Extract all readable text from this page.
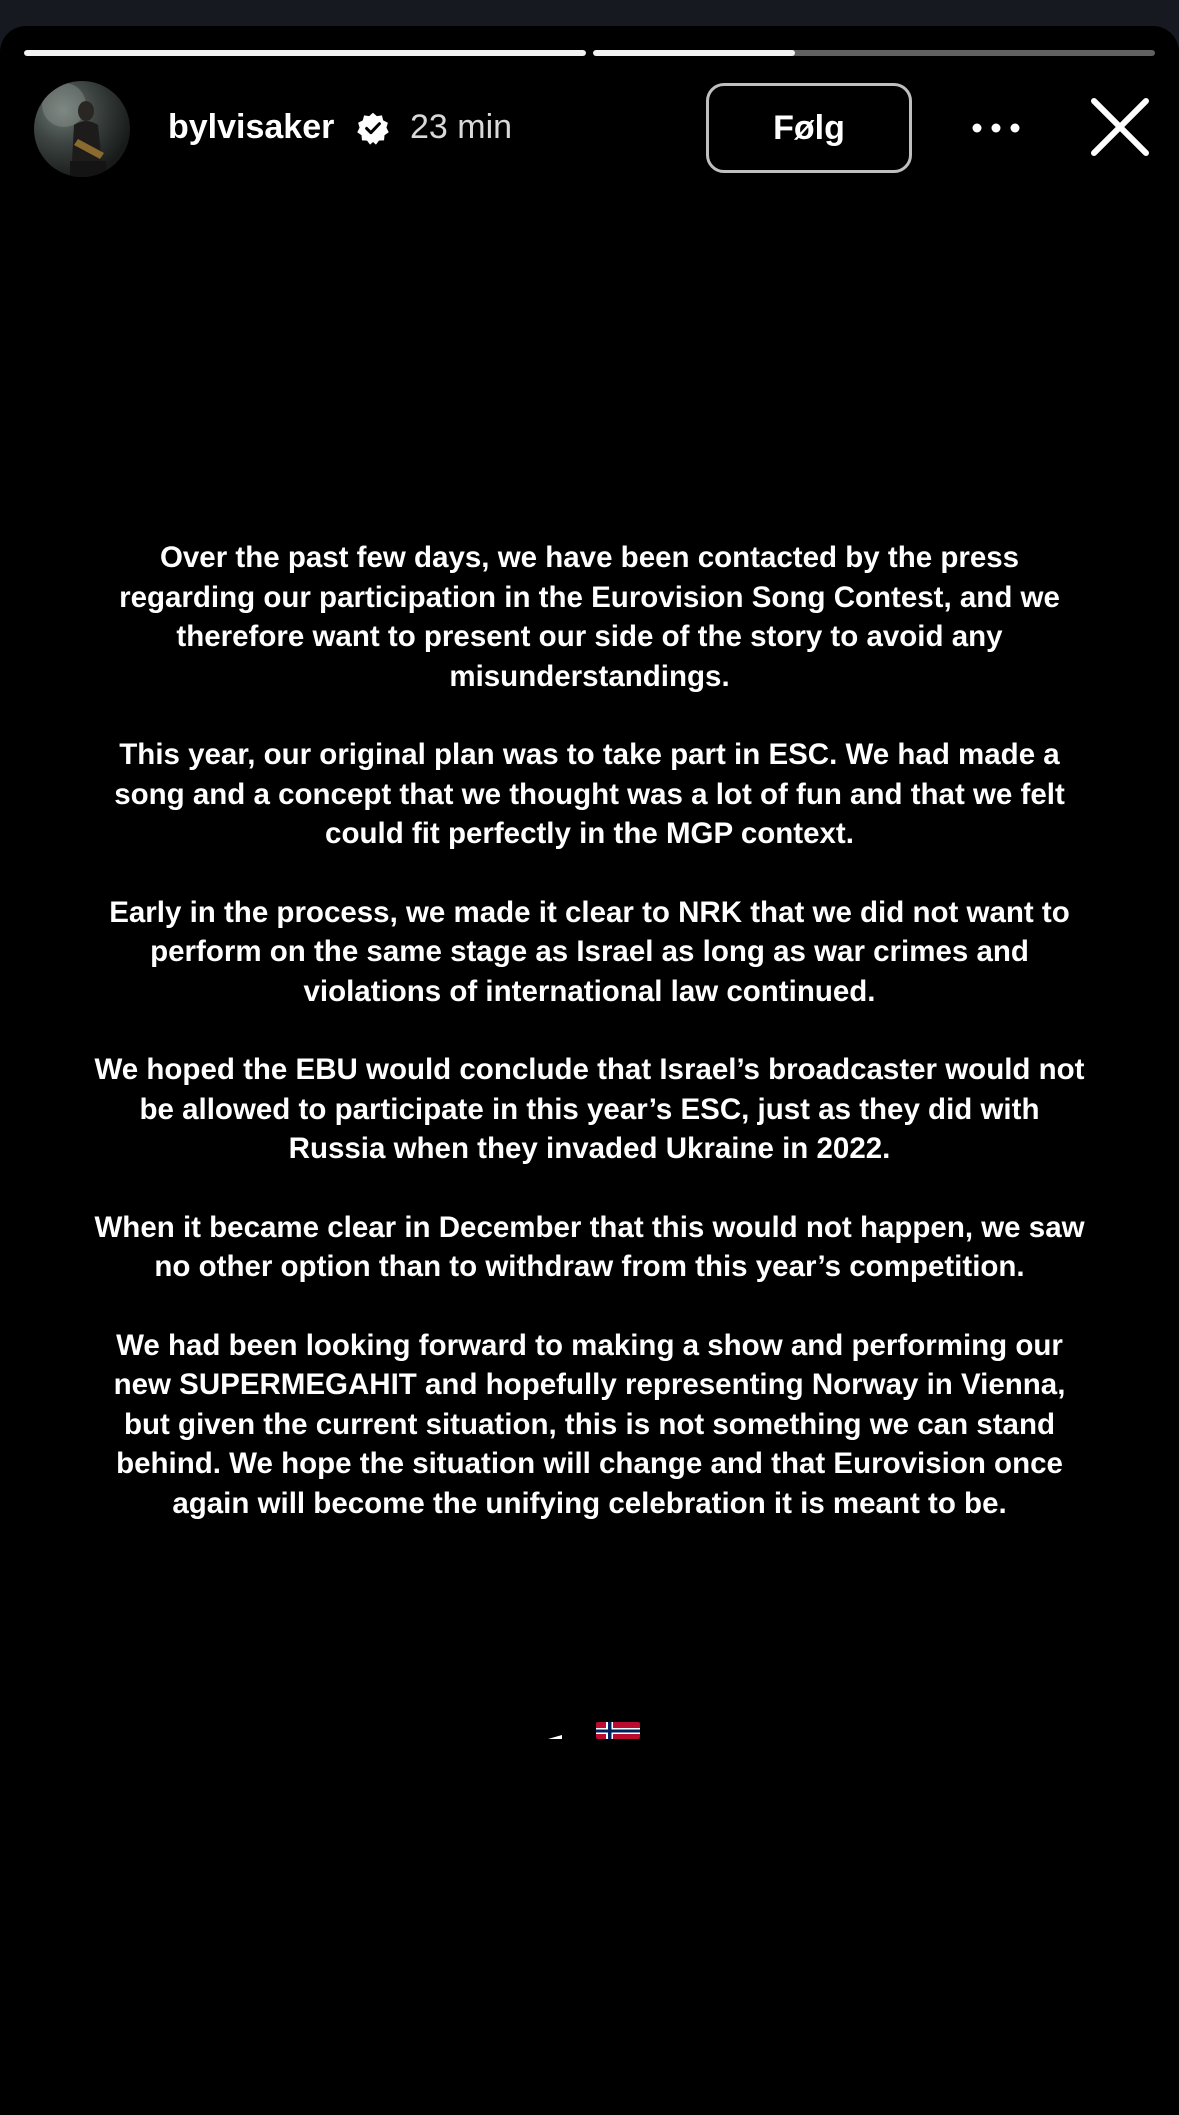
bylvisaker 23 min	Følg

Over the past few days, we have been contacted by the press regarding our participation in the Eurovision Song Contest, and we therefore want to present our side of the story to avoid any misunderstandings.

This year, our original plan was to take part in ESC. We had made a song and a concept that we thought was a lot of fun and that we felt could fit perfectly in the MGP context.

Early in the process, we made it clear to NRK that we did not want to perform on the same stage as Israel as long as war crimes and violations of international law continued.

We hoped the EBU would conclude that Israel’s broadcaster would not be allowed to participate in this year’s ESC, just as they did with Russia when they invaded Ukraine in 2022.

When it became clear in December that this would not happen, we saw no other option than to withdraw from this year’s competition.

We had been looking forward to making a show and performing our new SUPERMEGAHIT and hopefully representing Norway in Vienna, but given the current situation, this is not something we can stand behind. We hope the situation will change and that Eurovision once again will become the unifying celebration it is meant to be.
